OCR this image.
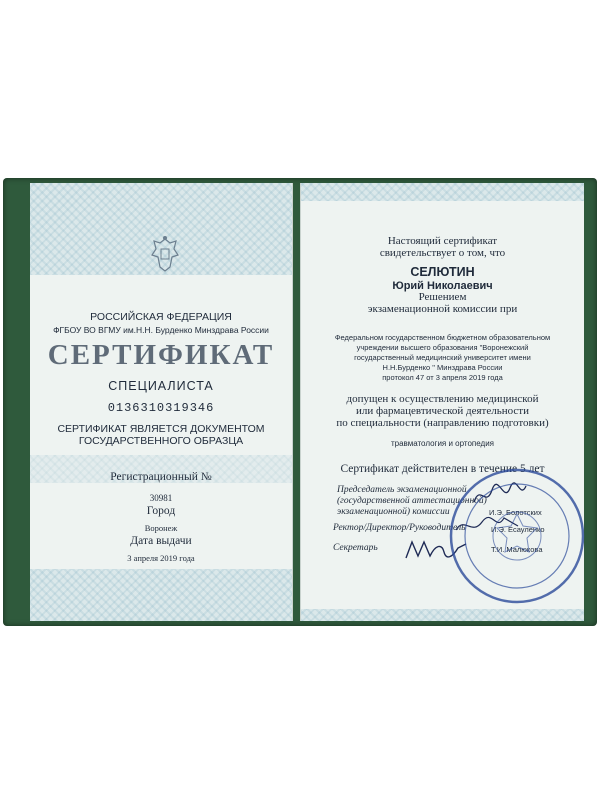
РОССИЙСКАЯ ФЕДЕРАЦИЯ
ФГБОУ ВО ВГМУ им.Н.Н. Бурденко Минздрава России
СЕРТИФИКАТ
СПЕЦИАЛИСТА
0136310319346
СЕРТИФИКАТ ЯВЛЯЕТСЯ ДОКУМЕНТОМ
ГОСУДАРСТВЕННОГО ОБРАЗЦА
Регистрационный №
30981
Город
Воронеж
Дата выдачи
3 апреля 2019 года
Настоящий сертификат
свидетельствует о том, что
СЕЛЮТИН
Юрий Николаевич
Решением
экзаменационной комиссии при
Федеральном государственном бюджетном образовательном
учреждении высшего образования "Воронежский
государственный медицинский университет имени
Н.Н.Бурденко " Минздрава России
протокол 47 от 3 апреля 2019 года
допущен к осуществлению медицинской
или фармацевтической деятельности
по специальности (направлению подготовки)
травматология и ортопедия
Сертификат действителен в течение 5 лет
Председатель экзаменационной
(государственной аттестационной)
экзаменационной) комиссии	И.Э. Болотских
Ректор/Директор/Руководитель	И.Э. Есауленко
Секретарь	Т.И. Малюкова
